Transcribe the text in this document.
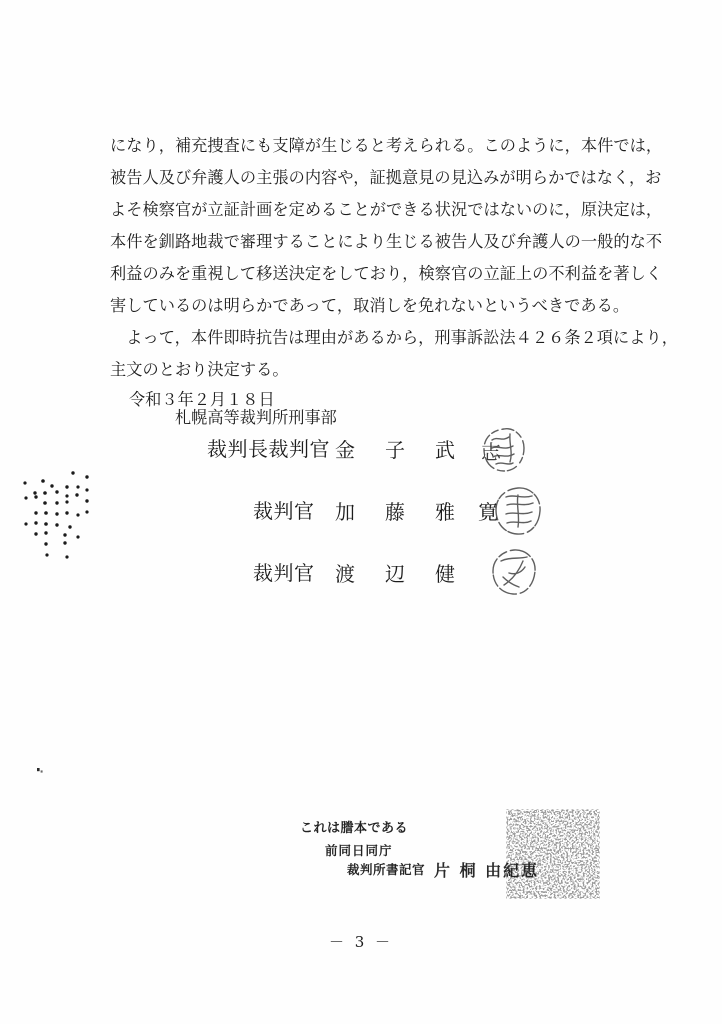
になり，補充捜査にも支障が生じると考えられる。このように，本件では，
被告人及び弁護人の主張の内容や，証拠意見の見込みが明らかではなく，お
よそ検察官が立証計画を定めることができる状況ではないのに，原決定は，
本件を釧路地裁で審理することにより生じる被告人及び弁護人の一般的な不
利益のみを重視して移送決定をしており，検察官の立証上の不利益を著しく
害しているのは明らかであって，取消しを免れないというべきである。
　よって，本件即時抗告は理由があるから，刑事訴訟法４２６条２項により，
主文のとおり決定する。
令和３年２月１８日
札幌高等裁判所刑事部
裁判長裁判官 金 子 武 志
裁判官 加 藤 雅 寛
裁判官 渡 辺 健
これは謄本である
前同日同庁
裁判所書記官 片 桐 由紀恵
－ 3 －
